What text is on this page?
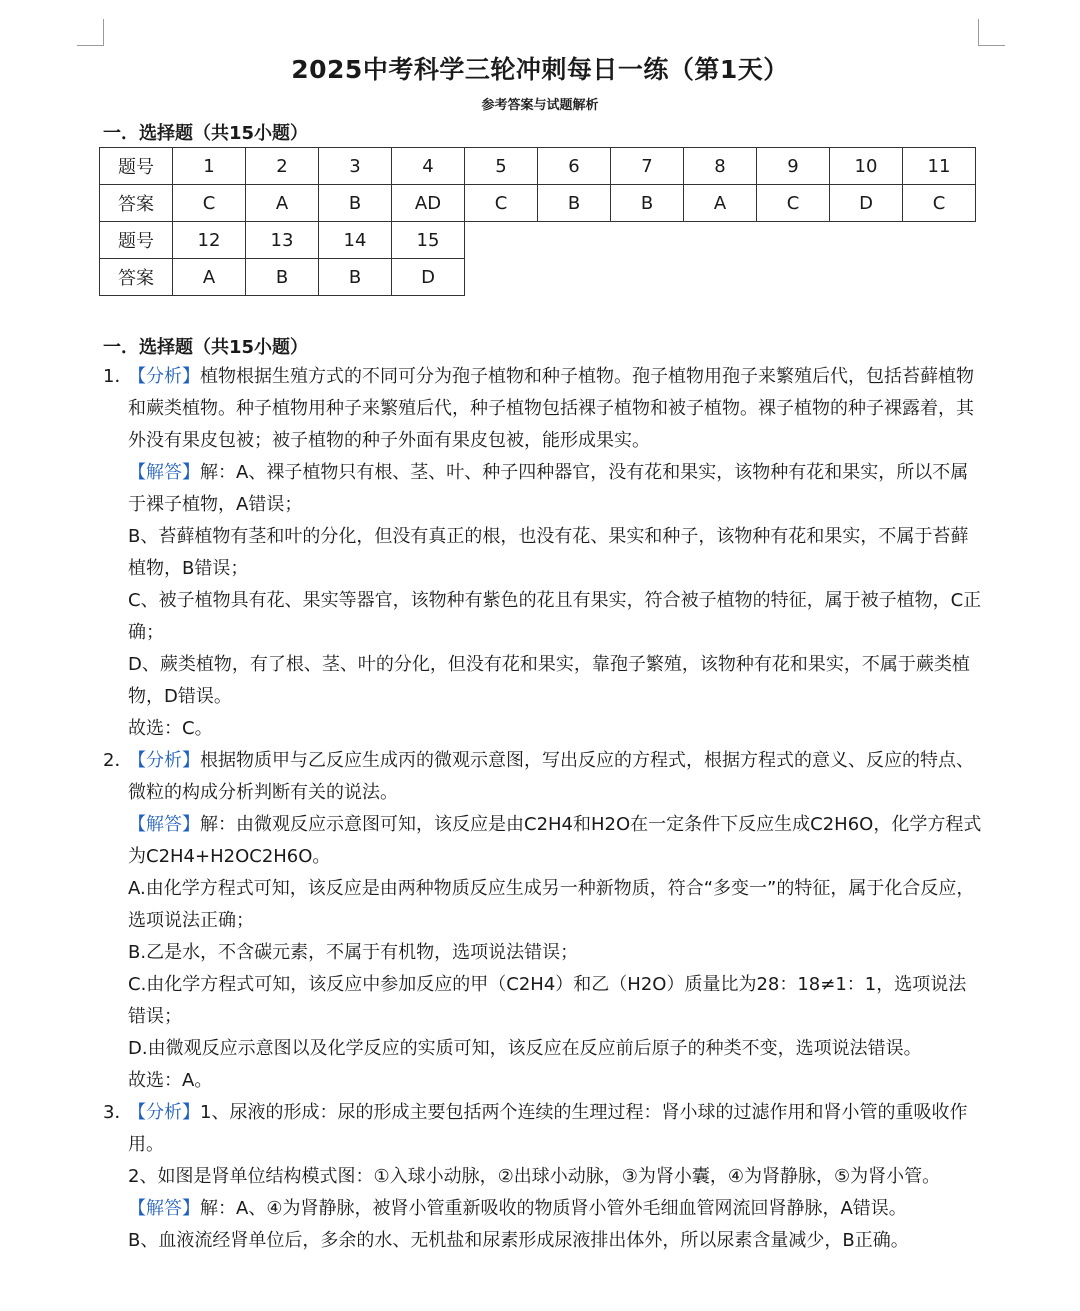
2025中考科学三轮冲刺每日一练（第1天）
参考答案与试题解析
一．选择题（共15小题）
题号	1	2	3	4	5	6	7	8	9	10	11
答案	C	A	B	AD	C	B	B	A	C	D	C
题号	12	13	14	15							
答案	A	B	B	D							
一．选择题（共15小题）
1．【分析】植物根据生殖方式的不同可分为孢子植物和种子植物。孢子植物用孢子来繁殖后代，包括苔藓植物和蕨类植物。种子植物用种子来繁殖后代，种子植物包括裸子植物和被子植物。裸子植物的种子裸露着，其外没有果皮包被；被子植物的种子外面有果皮包被，能形成果实。
【解答】解：A、裸子植物只有根、茎、叶、种子四种器官，没有花和果实，该物种有花和果实，所以不属于裸子植物，A错误；
B、苔藓植物有茎和叶的分化，但没有真正的根，也没有花、果实和种子，该物种有花和果实，不属于苔藓植物，B错误；
C、被子植物具有花、果实等器官，该物种有紫色的花且有果实，符合被子植物的特征，属于被子植物，C正确；
D、蕨类植物，有了根、茎、叶的分化，但没有花和果实，靠孢子繁殖，该物种有花和果实，不属于蕨类植物，D错误。
故选：C。
2．【分析】根据物质甲与乙反应生成丙的微观示意图，写出反应的方程式，根据方程式的意义、反应的特点、微粒的构成分析判断有关的说法。
【解答】解：由微观反应示意图可知，该反应是由C2H4和H2O在一定条件下反应生成C2H6O，化学方程式为C2H4+H2OC2H6O。
A.由化学方程式可知，该反应是由两种物质反应生成另一种新物质，符合“多变一”的特征，属于化合反应，选项说法正确；
B.乙是水，不含碳元素，不属于有机物，选项说法错误；
C.由化学方程式可知，该反应中参加反应的甲（C2H4）和乙（H2O）质量比为28：18≠1：1，选项说法错误；
D.由微观反应示意图以及化学反应的实质可知，该反应在反应前后原子的种类不变，选项说法错误。
故选：A。
3．【分析】1、尿液的形成：尿的形成主要包括两个连续的生理过程：肾小球的过滤作用和肾小管的重吸收作用。
2、如图是肾单位结构模式图：①入球小动脉，②出球小动脉，③为肾小囊，④为肾静脉，⑤为肾小管。
【解答】解：A、④为肾静脉，被肾小管重新吸收的物质肾小管外毛细血管网流回肾静脉，A错误。
B、血液流经肾单位后，多余的水、无机盐和尿素形成尿液排出体外，所以尿素含量减少，B正确。
